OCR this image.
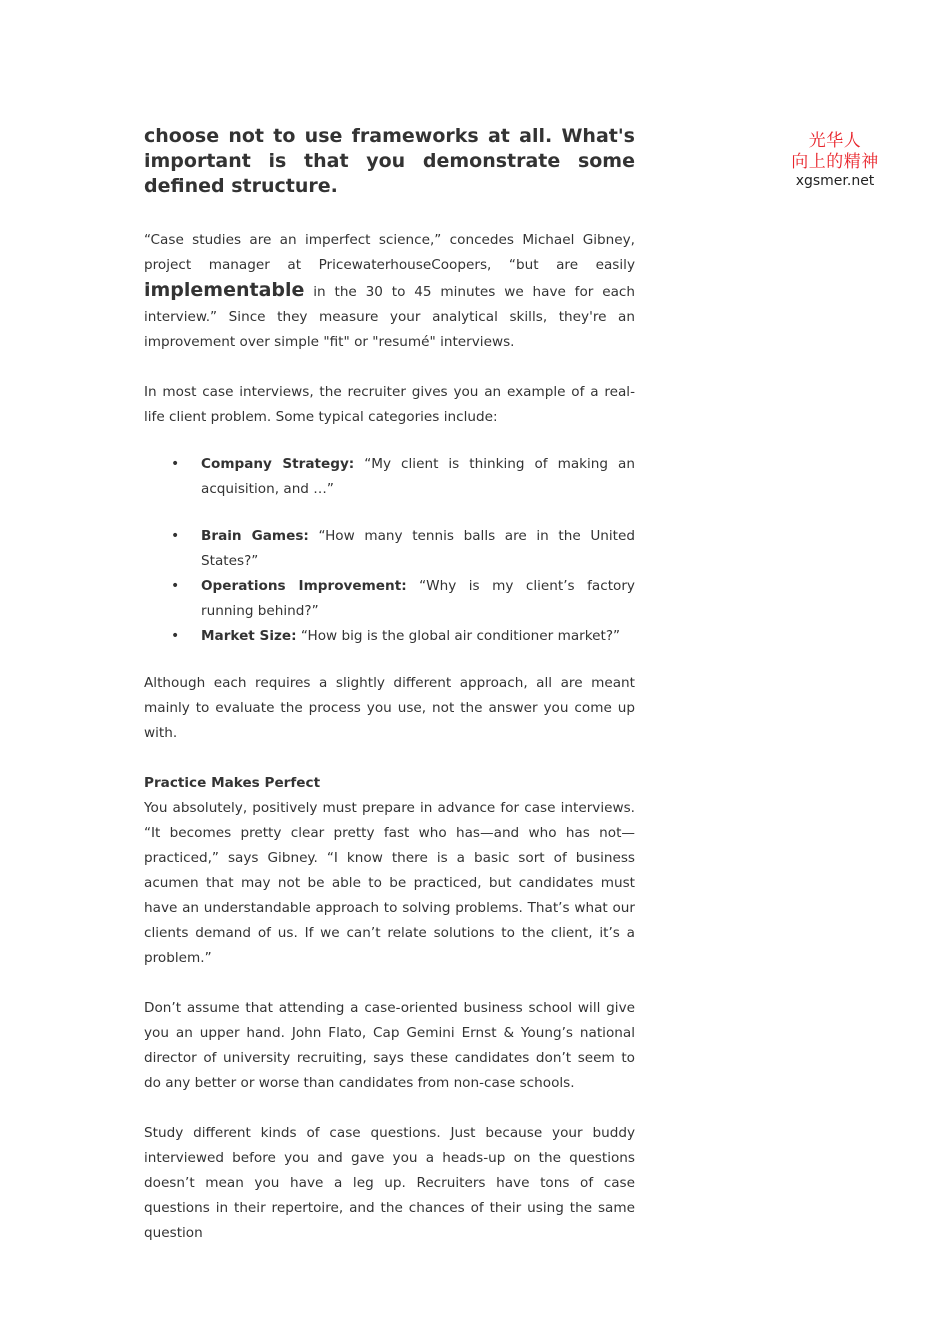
光华人
向上的精神
xgsmer.net
choose not to use frameworks at all. What's important is that you demonstrate some defined structure.

“Case studies are an imperfect science,” concedes Michael Gibney, project manager at PricewaterhouseCoopers, “but are easily implementable in the 30 to 45 minutes we have for each interview.” Since they measure your analytical skills, they're an improvement over simple "fit" or "resumé" interviews.

In most case interviews, the recruiter gives you an example of a real-life client problem. Some typical categories include:

• Company Strategy: “My client is thinking of making an acquisition, and …”
• Brain Games: “How many tennis balls are in the United States?”
• Operations Improvement: “Why is my client’s factory running behind?”
• Market Size: “How big is the global air conditioner market?”

Although each requires a slightly different approach, all are meant mainly to evaluate the process you use, not the answer you come up with.

Practice Makes Perfect

You absolutely, positively must prepare in advance for case interviews. “It becomes pretty clear pretty fast who has—and who has not—practiced,” says Gibney. “I know there is a basic sort of business acumen that may not be able to be practiced, but candidates must have an understandable approach to solving problems. That’s what our clients demand of us. If we can’t relate solutions to the client, it’s a problem.”

Don’t assume that attending a case-oriented business school will give you an upper hand. John Flato, Cap Gemini Ernst & Young’s national director of university recruiting, says these candidates don’t seem to do any better or worse than candidates from non-case schools.

Study different kinds of case questions. Just because your buddy interviewed before you and gave you a heads-up on the questions doesn’t mean you have a leg up. Recruiters have tons of case questions in their repertoire, and the chances of their using the same question
